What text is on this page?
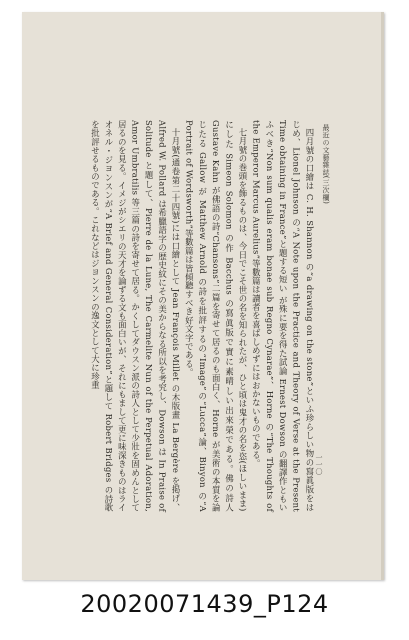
最近の文藝雜誌(三次欄)

四月號の口繪は C. H. Shannon の“a drawing on the stone”といふ珍らしい物の寫眞版をはじめ、Lionel Johnson の“A Note upon the Practice and Theory of Verse at the Present Time obtaining in France”と題する短い が殊に要を得た試論 Ernest Dowson の翻譯作ともいふべき“Non sum qualis eram bonae sub Regno Cynarae”、Horne の“The Thoughts of the Emperor Marcus Aurelius”等數篇は讀者を喜ばしめずにはおかないものである。

七月號の巻頭を飾るものは、今日でこそ世の名を知られたが、ひと頃は鬼才の名を恣(ほしいまま)にした Simeon Solomon の作 Bacchus の寫眞版で實に素晴しい出來榮である。佛の詩人 Gustave Kahn が佛語の詩“Chansons”二篇を寄せて居るのも面白く、Horne が美術の本質を論じたる Gallow が Matthew Arnold の詩を批評するの“Image”の“Lucca”論、Binyon の“A Portrait of Wordsworth”等數篇は皆傾聽すべき好文字である。

十月號(通卷第二十四號)には口繪として Jean François Millet の木版畫 La Bergère を掲げ、Alfred W. Pollard は希臘語字の歴史紋にその美からなる所以を考究し、Dowson は In Praise of Solitude と題して、Pierre de la Lune, The Carmelite Nun of the Perpetual Adoration, Amor Umbratilis 等三篇の詩を寄せて居る。かくしてダウスン派の詩人として少壯を固めんとして居るのを見る。イメジがシエリの天才を論ずる文も面白いが、それにもまして更に味深きものはライオネル・ジヨンスンが“A Brief and General Consideration”と題して Robert Bridges の詩歌を批評せるものである。これなどはジヨンスンの逸文として大に珍重

一一〇
20020071439_P124
